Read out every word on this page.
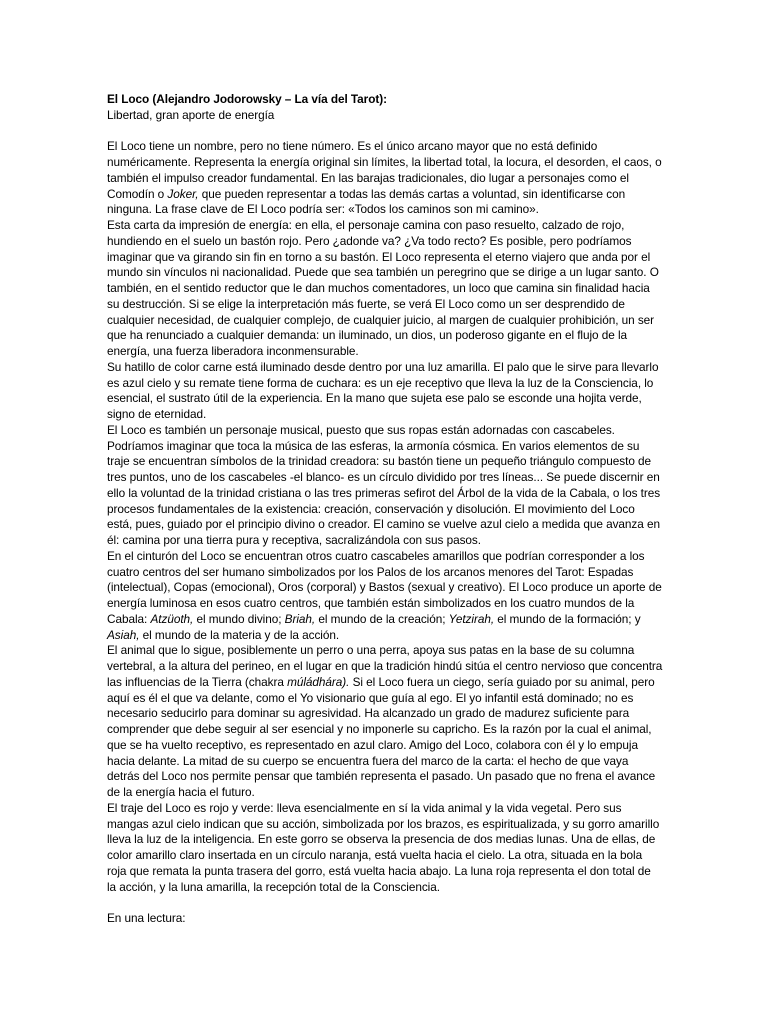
El Loco (Alejandro Jodorowsky – La vía del Tarot):

Libertad, gran aporte de energía

El Loco tiene un nombre, pero no tiene número. Es el único arcano mayor que no está definido numéricamente. Representa la energía original sin límites, la libertad total, la locura, el desorden, el caos, o también el impulso creador fundamental. En las barajas tradicionales, dio lugar a personajes como el Comodín o Joker, que pueden representar a todas las demás cartas a voluntad, sin identificarse con ninguna. La frase clave de El Loco podría ser: «Todos los caminos son mi camino».

Esta carta da impresión de energía: en ella, el personaje camina con paso resuelto, calzado de rojo, hundiendo en el suelo un bastón rojo. Pero ¿adonde va? ¿Va todo recto? Es posible, pero podríamos imaginar que va girando sin fin en torno a su bastón. El Loco representa el eterno viajero que anda por el mundo sin vínculos ni nacionalidad. Puede que sea también un peregrino que se dirige a un lugar santo. O también, en el sentido reductor que le dan muchos comentadores, un loco que camina sin finalidad hacia su destrucción. Si se elige la interpretación más fuerte, se verá El Loco como un ser desprendido de cualquier necesidad, de cualquier complejo, de cualquier juicio, al margen de cualquier prohibición, un ser que ha renunciado a cualquier demanda: un iluminado, un dios, un poderoso gigante en el flujo de la energía, una fuerza liberadora inconmensurable.

Su hatillo de color carne está iluminado desde dentro por una luz amarilla. El palo que le sirve para llevarlo es azul cielo y su remate tiene forma de cuchara: es un eje receptivo que lleva la luz de la Consciencia, lo esencial, el sustrato útil de la experiencia. En la mano que sujeta ese palo se esconde una hojita verde, signo de eternidad.

El Loco es también un personaje musical, puesto que sus ropas están adornadas con cascabeles. Podríamos imaginar que toca la música de las esferas, la armonía cósmica. En varios elementos de su traje se encuentran símbolos de la trinidad creadora: su bastón tiene un pequeño triángulo compuesto de tres puntos, uno de los cascabeles -el blanco- es un círculo dividido por tres líneas... Se puede discernir en ello la voluntad de la trinidad cristiana o las tres primeras sefirot del Árbol de la vida de la Cabala, o los tres procesos fundamentales de la existencia: creación, conservación y disolución. El movimiento del Loco está, pues, guiado por el principio divino o creador. El camino se vuelve azul cielo a medida que avanza en él: camina por una tierra pura y receptiva, sacralizándola con sus pasos.

En el cinturón del Loco se encuentran otros cuatro cascabeles amarillos que podrían corresponder a los cuatro centros del ser humano simbolizados por los Palos de los arcanos menores del Tarot: Espadas (intelectual), Copas (emocional), Oros (corporal) y Bastos (sexual y creativo). El Loco produce un aporte de energía luminosa en esos cuatro centros, que también están simbolizados en los cuatro mundos de la Cabala: Atzüoth, el mundo divino; Briah, el mundo de la creación; Yetzirah, el mundo de la formación; y Asiah, el mundo de la materia y de la acción.

El animal que lo sigue, posiblemente un perro o una perra, apoya sus patas en la base de su columna vertebral, a la altura del perineo, en el lugar en que la tradición hindú sitúa el centro nervioso que concentra las influencias de la Tierra (chakra múládhára). Si el Loco fuera un ciego, sería guiado por su animal, pero aquí es él el que va delante, como el Yo visionario que guía al ego. El yo infantil está dominado; no es necesario seducirlo para dominar su agresividad. Ha alcanzado un grado de madurez suficiente para comprender que debe seguir al ser esencial y no imponerle su capricho. Es la razón por la cual el animal, que se ha vuelto receptivo, es representado en azul claro. Amigo del Loco, colabora con él y lo empuja hacia delante. La mitad de su cuerpo se encuentra fuera del marco de la carta: el hecho de que vaya detrás del Loco nos permite pensar que también representa el pasado. Un pasado que no frena el avance de la energía hacia el futuro.

El traje del Loco es rojo y verde: lleva esencialmente en sí la vida animal y la vida vegetal. Pero sus mangas azul cielo indican que su acción, simbolizada por los brazos, es espiritualizada, y su gorro amarillo lleva la luz de la inteligencia. En este gorro se observa la presencia de dos medias lunas. Una de ellas, de color amarillo claro insertada en un círculo naranja, está vuelta hacia el cielo. La otra, situada en la bola roja que remata la punta trasera del gorro, está vuelta hacia abajo. La luna roja representa el don total de la acción, y la luna amarilla, la recepción total de la Consciencia.

En una lectura:
